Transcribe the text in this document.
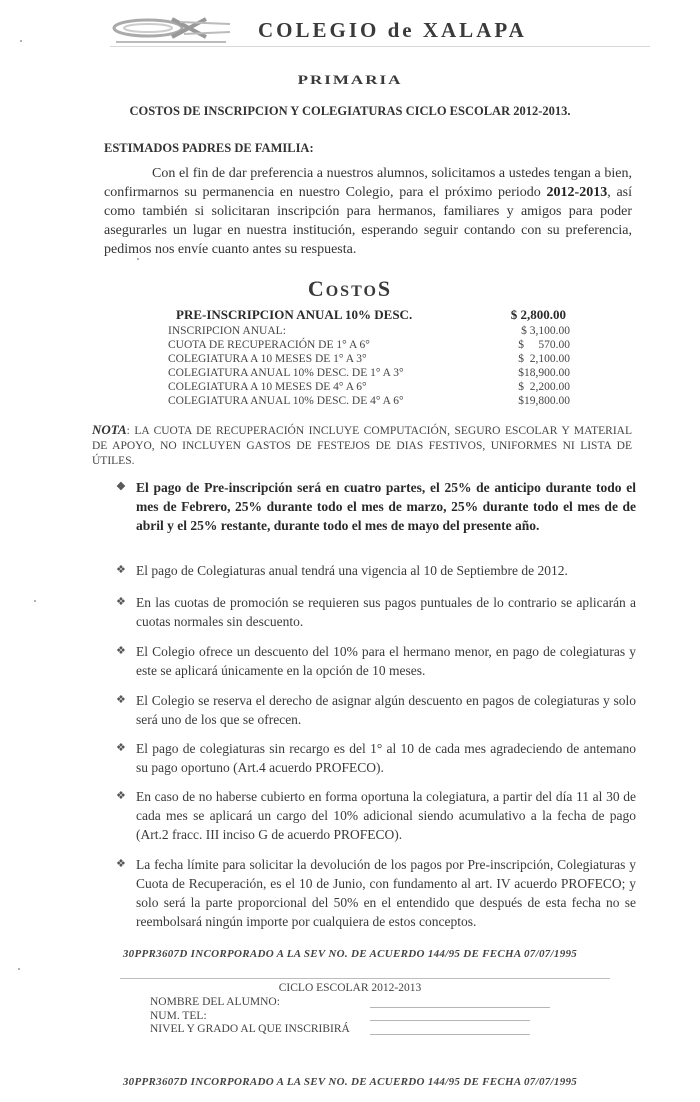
COLEGIO de XALAPA
PRIMARIA
COSTOS DE INSCRIPCION Y COLEGIATURAS CICLO ESCOLAR 2012-2013.
ESTIMADOS PADRES DE FAMILIA:
Con el fin de dar preferencia a nuestros alumnos, solicitamos a ustedes tengan a bien, confirmarnos su permanencia en nuestro Colegio, para el próximo periodo 2012-2013, así como también si solicitaran inscripción para hermanos, familiares y amigos para poder asegurarles un lugar en nuestra institución, esperando seguir contando con su preferencia, pedimos nos envíe cuanto antes su respuesta.
COSTOS
PRE-INSCRIPCION ANUAL 10% DESC.	$ 2,800.00
INSCRIPCION ANUAL:	$ 3,100.00
CUOTA DE RECUPERACIÓN DE 1° A 6°	$     570.00
COLEGIATURA A 10 MESES DE 1° A 3°	$  2,100.00
COLEGIATURA ANUAL 10% DESC. DE 1° A 3°	$18,900.00
COLEGIATURA A 10 MESES DE 4° A 6°	$  2,200.00
COLEGIATURA ANUAL 10% DESC. DE 4° A 6°	$19,800.00
NOTA: LA CUOTA DE RECUPERACIÓN INCLUYE COMPUTACIÓN, SEGURO ESCOLAR Y MATERIAL DE APOYO, NO INCLUYEN GASTOS DE FESTEJOS DE DIAS FESTIVOS, UNIFORMES NI LISTA DE ÚTILES.
❖ El pago de Pre-inscripción será en cuatro partes, el 25% de anticipo durante todo el mes de Febrero, 25% durante todo el mes de marzo, 25% durante todo el mes de de abril y el 25% restante, durante todo el mes de mayo del presente año.
❖ El pago de Colegiaturas anual tendrá una vigencia al 10 de Septiembre de 2012.
❖ En las cuotas de promoción se requieren sus pagos puntuales de lo contrario se aplicarán a cuotas normales sin descuento.
❖ El Colegio ofrece un descuento del 10% para el hermano menor, en pago de colegiaturas y este se aplicará únicamente en la opción de 10 meses.
❖ El Colegio se reserva el derecho de asignar algún descuento en pagos de colegiaturas y solo será uno de los que se ofrecen.
❖ El pago de colegiaturas sin recargo es del 1° al 10 de cada mes agradeciendo de antemano su pago oportuno (Art.4 acuerdo PROFECO).
❖ En caso de no haberse cubierto en forma oportuna la colegiatura, a partir del día 11 al 30 de cada mes se aplicará un cargo del 10% adicional siendo acumulativo a la fecha de pago (Art.2 fracc. III inciso G de acuerdo PROFECO).
❖ La fecha límite para solicitar la devolución de los pagos por Pre-inscripción, Colegiaturas y Cuota de Recuperación, es el 10 de Junio, con fundamento al art. IV acuerdo PROFECO; y solo será la parte proporcional del 50% en el entendido que después de esta fecha no se reembolsará ningún importe por cualquiera de estos conceptos.
30PPR3607D INCORPORADO A LA SEV NO. DE ACUERDO 144/95 DE FECHA 07/07/1995
CICLO ESCOLAR 2012-2013
NOMBRE DEL ALUMNO:
NUM. TEL:
NIVEL Y GRADO AL QUE INSCRIBIRÁ
30PPR3607D INCORPORADO A LA SEV NO. DE ACUERDO 144/95 DE FECHA 07/07/1995
